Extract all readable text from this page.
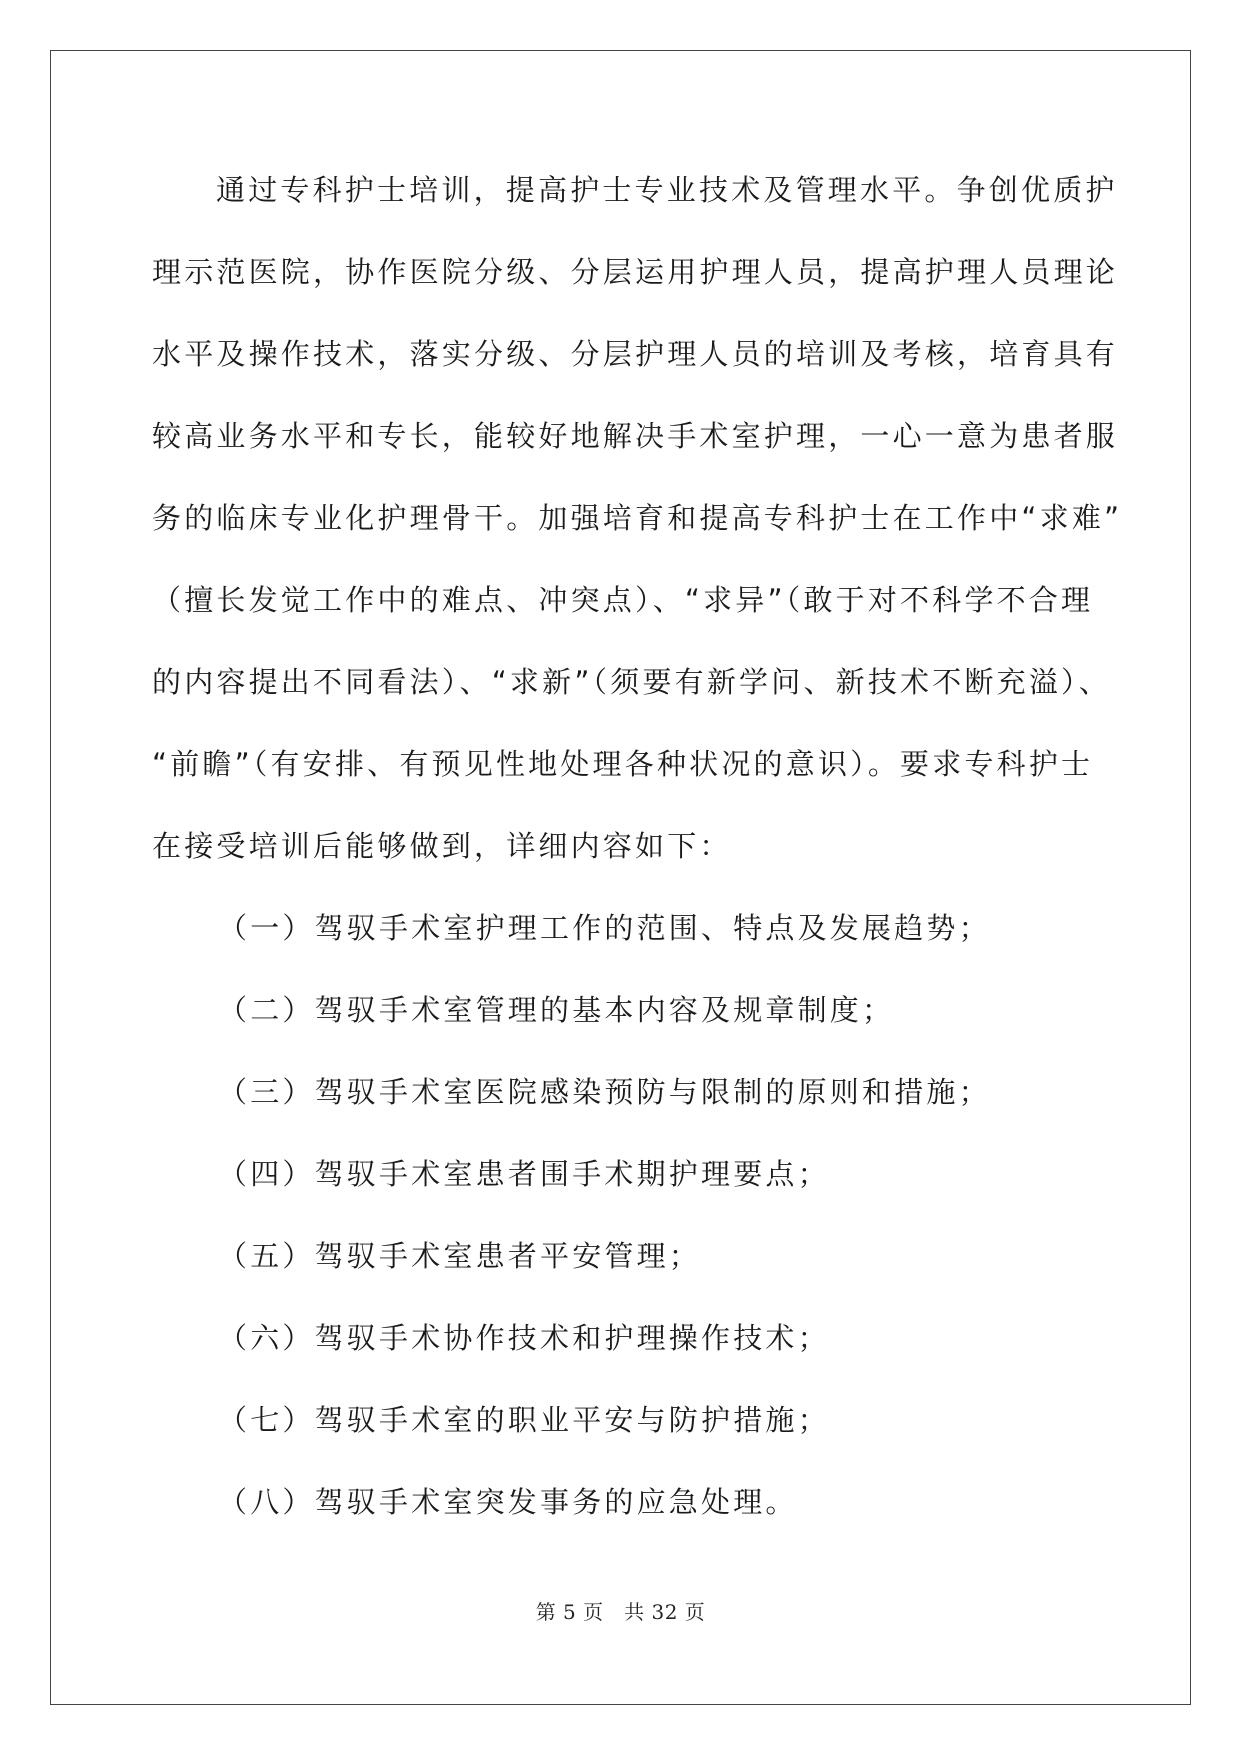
通过专科护士培训，提高护士专业技术及管理水平。争创优质护
理示范医院，协作医院分级、分层运用护理人员，提高护理人员理论
水平及操作技术，落实分级、分层护理人员的培训及考核，培育具有
较高业务水平和专长，能较好地解决手术室护理，一心一意为患者服
务的临床专业化护理骨干。加强培育和提高专科护士在工作中“求难”
（擅长发觉工作中的难点、冲突点）、“求异”（敢于对不科学不合理
的内容提出不同看法）、“求新”（须要有新学问、新技术不断充溢）、
“前瞻”（有安排、有预见性地处理各种状况的意识）。要求专科护士
在接受培训后能够做到，详细内容如下：
（一）驾驭手术室护理工作的范围、特点及发展趋势；
（二）驾驭手术室管理的基本内容及规章制度；
（三）驾驭手术室医院感染预防与限制的原则和措施；
（四）驾驭手术室患者围手术期护理要点；
（五）驾驭手术室患者平安管理；
（六）驾驭手术协作技术和护理操作技术；
（七）驾驭手术室的职业平安与防护措施；
（八）驾驭手术室突发事务的应急处理。
第 5 页　共 32 页
